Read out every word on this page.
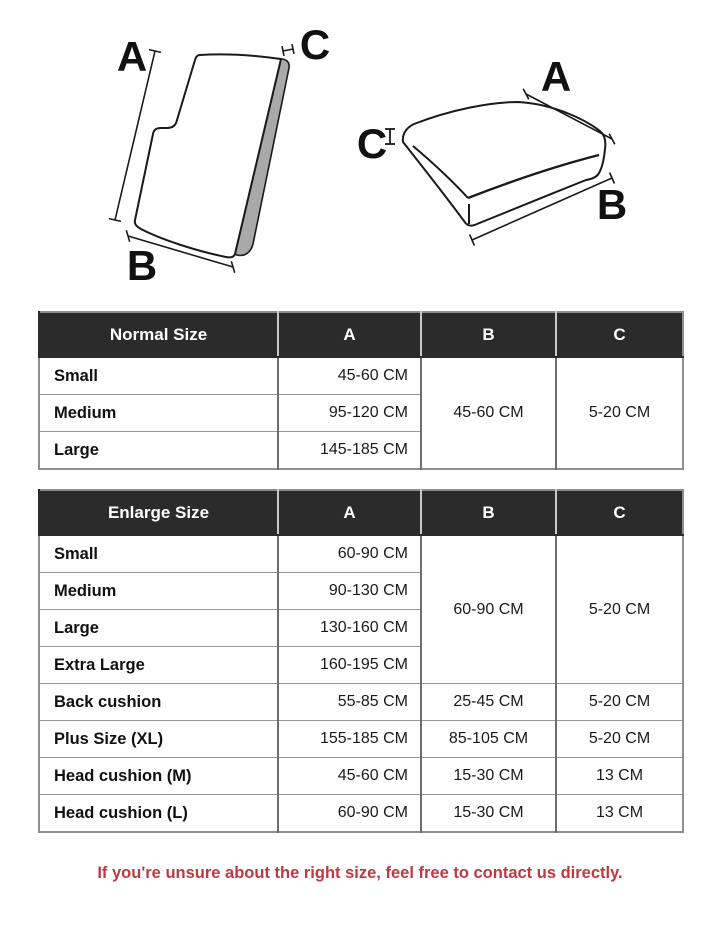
A
B
C
A
B
C
Normal Size	A	B	C
Small	45-60 CM	45-60 CM	5-20 CM
Medium	95-120 CM		
Large	145-185 CM		
Enlarge Size	A	B	C
Small	60-90 CM	60-90 CM	5-20 CM
Medium	90-130 CM		
Large	130-160 CM		
Extra Large	160-195 CM		
Back cushion	55-85 CM	25-45 CM	5-20 CM
Plus Size (XL)	155-185 CM	85-105 CM	5-20 CM
Head cushion (M)	45-60 CM	15-30 CM	13 CM
Head cushion (L)	60-90 CM	15-30 CM	13 CM

If you're unsure about the right size, feel free to contact us directly.
